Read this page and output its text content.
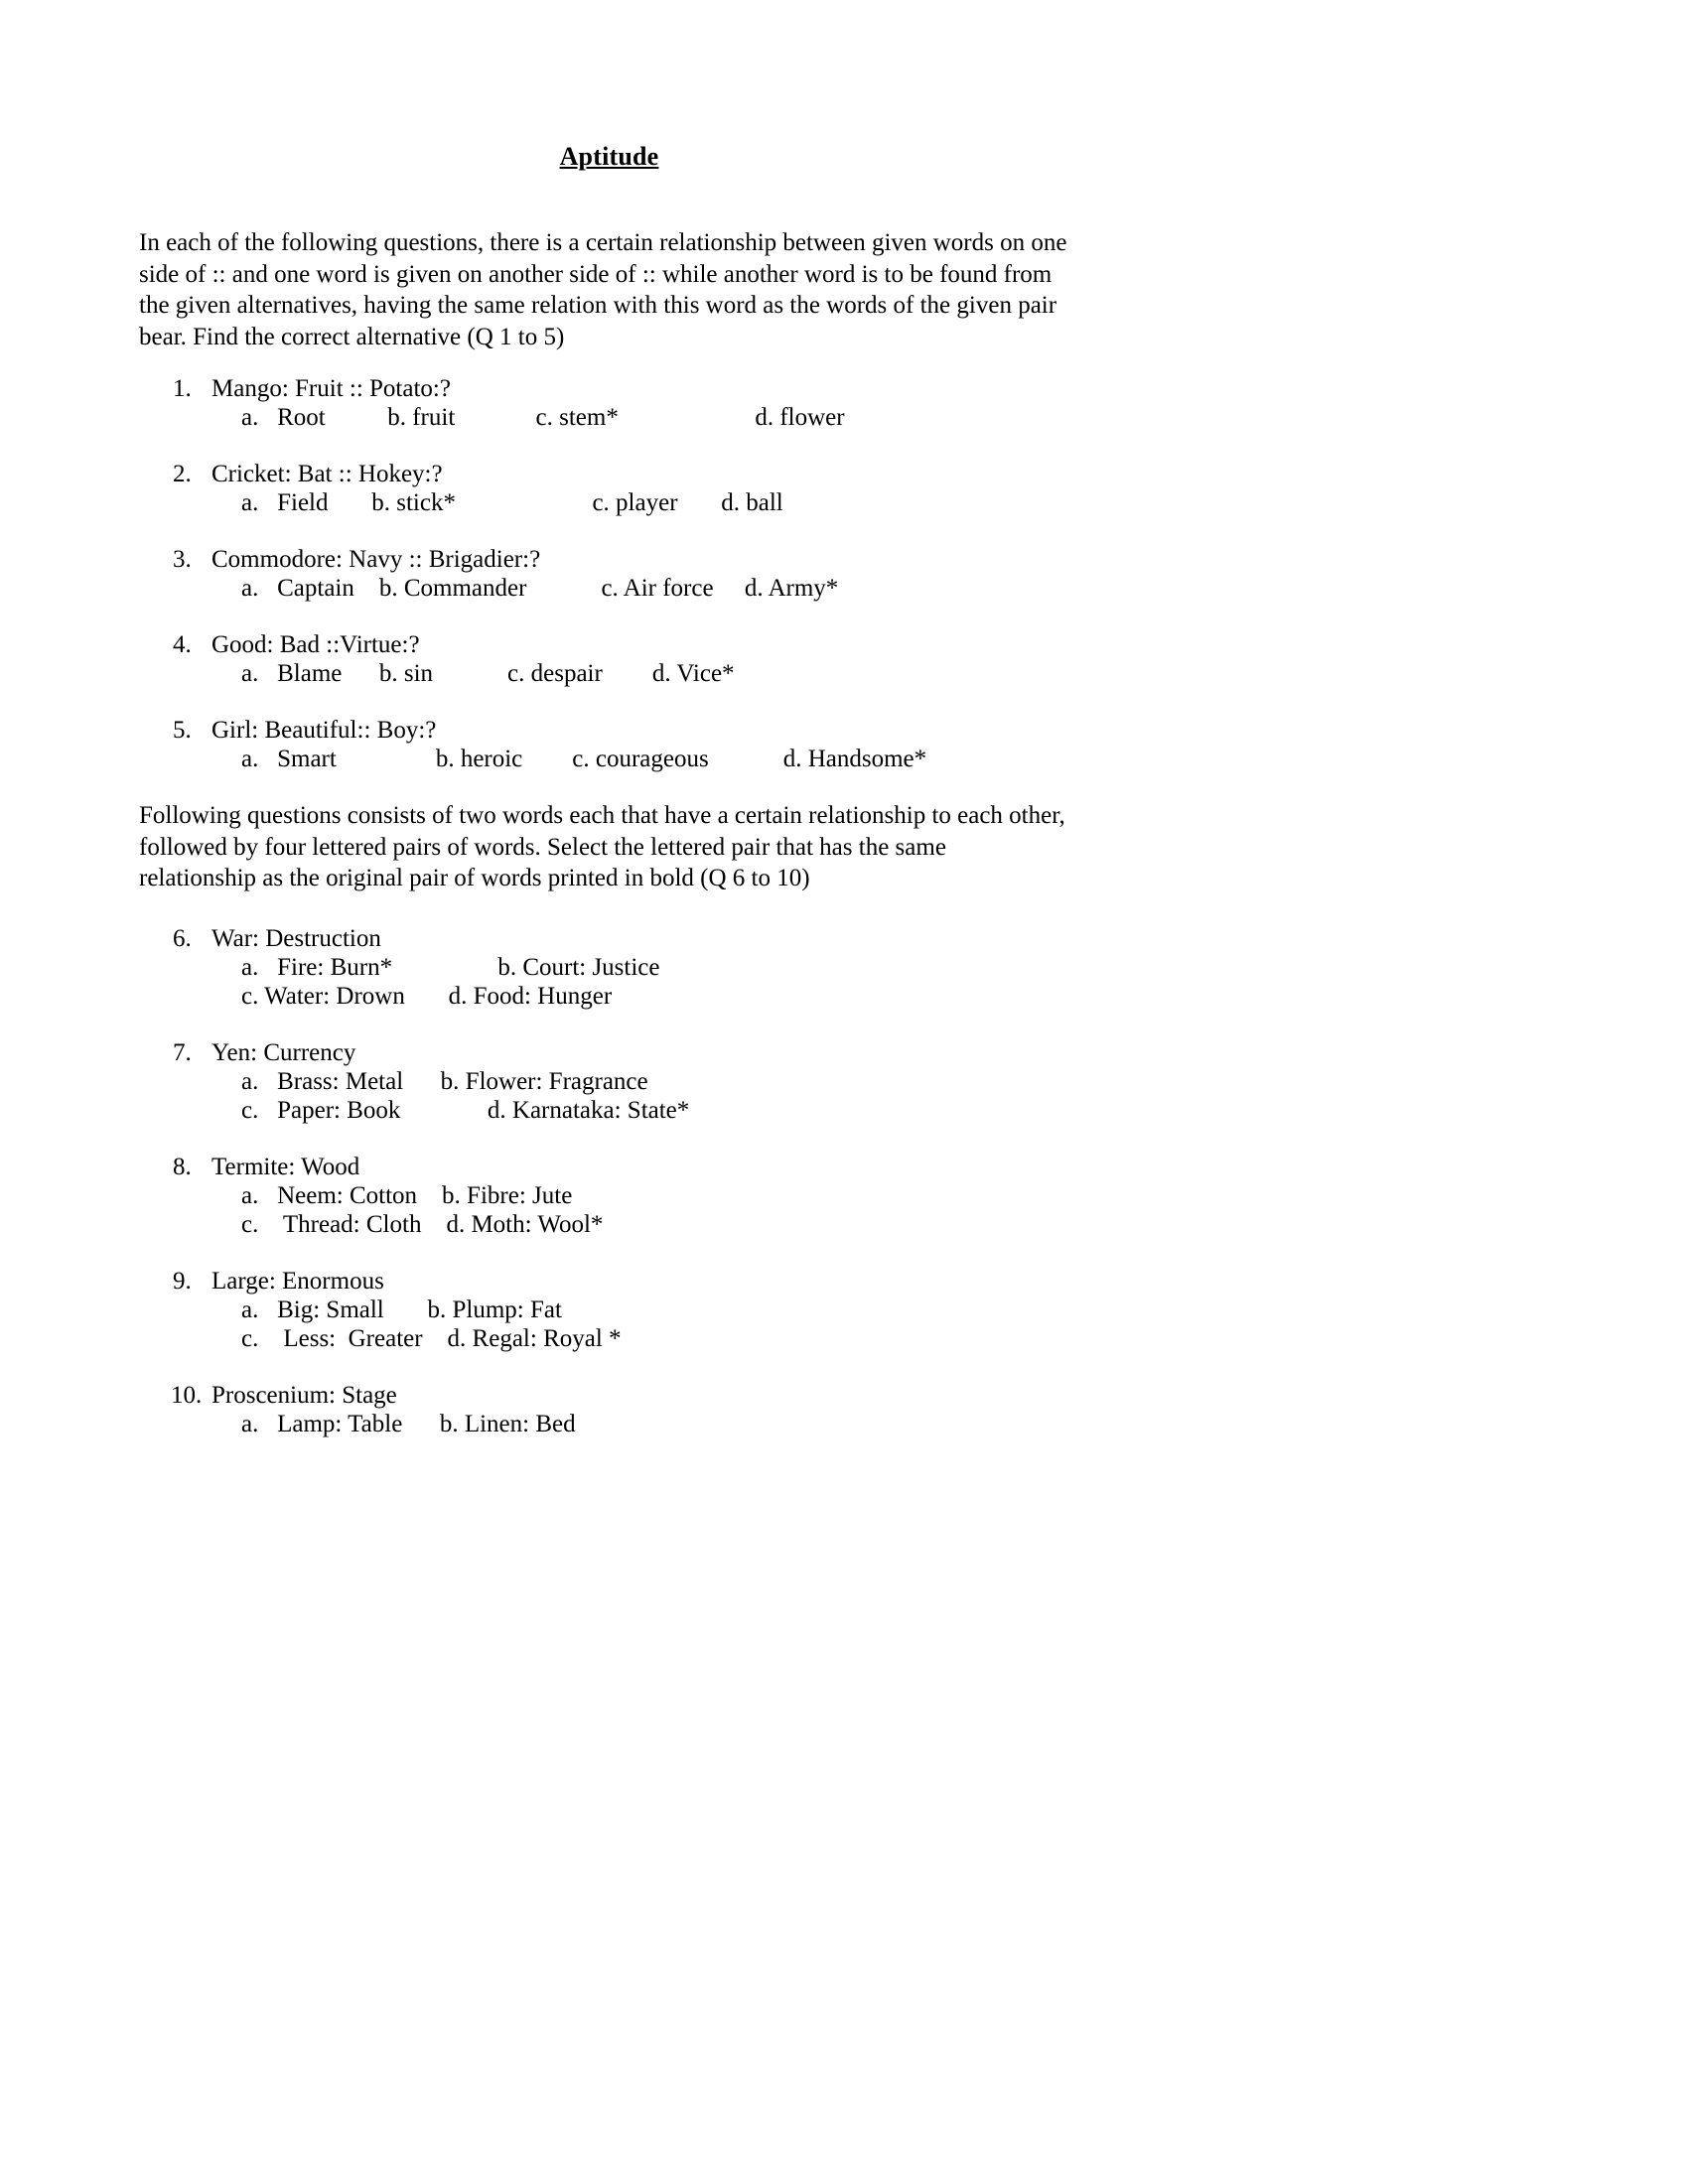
Aptitude

In each of the following questions, there is a certain relationship between given words on one side of :: and one word is given on another side of :: while another word is to be found from the given alternatives, having the same relation with this word as the words of the given pair bear. Find the correct alternative (Q 1 to 5)

1. Mango: Fruit :: Potato:?
a.   Root          b. fruit             c. stem*                      d. flower
2. Cricket: Bat :: Hokey:?
a.   Field       b. stick*                      c. player       d. ball
3. Commodore: Navy :: Brigadier:?
a.   Captain    b. Commander            c. Air force     d. Army*
4. Good: Bad ::Virtue:?
a.   Blame      b. sin            c. despair        d. Vice*
5. Girl: Beautiful:: Boy:?
a.   Smart                b. heroic        c. courageous            d. Handsome*

Following questions consists of two words each that have a certain relationship to each other, followed by four lettered pairs of words. Select the lettered pair that has the same relationship as the original pair of words printed in bold (Q 6 to 10)

6. War: Destruction
a.   Fire: Burn*                 b. Court: Justice
c. Water: Drown       d. Food: Hunger
7. Yen: Currency
a.   Brass: Metal      b. Flower: Fragrance
c.   Paper: Book              d. Karnataka: State*
8. Termite: Wood
a.   Neem: Cotton    b. Fibre: Jute
c.    Thread: Cloth    d. Moth: Wool*
9. Large: Enormous
a.   Big: Small       b. Plump: Fat
c.    Less:  Greater    d. Regal: Royal *
10. Proscenium: Stage
a.   Lamp: Table      b. Linen: Bed
